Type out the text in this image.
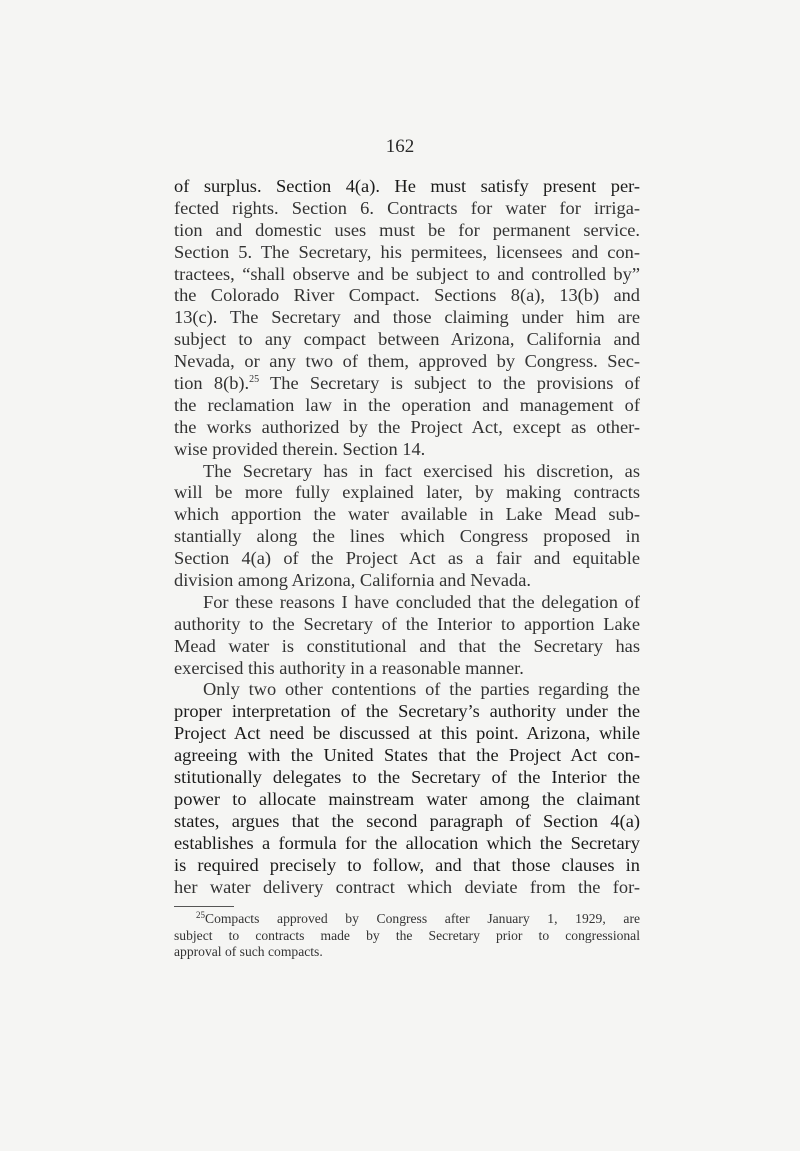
162
of surplus. Section 4(a). He must satisfy present per-
fected rights. Section 6. Contracts for water for irriga-
tion and domestic uses must be for permanent service.
Section 5. The Secretary, his permitees, licensees and con-
tractees, “shall observe and be subject to and controlled by”
the Colorado River Compact. Sections 8(a), 13(b) and
13(c). The Secretary and those claiming under him are
subject to any compact between Arizona, California and
Nevada, or any two of them, approved by Congress. Sec-
tion 8(b).$^{25}$ The Secretary is subject to the provisions of
the reclamation law in the operation and management of
the works authorized by the Project Act, except as other-
wise provided therein. Section 14.
The Secretary has in fact exercised his discretion, as
will be more fully explained later, by making contracts
which apportion the water available in Lake Mead sub-
stantially along the lines which Congress proposed in
Section 4(a) of the Project Act as a fair and equitable
division among Arizona, California and Nevada.
For these reasons I have concluded that the delegation of
authority to the Secretary of the Interior to apportion Lake
Mead water is constitutional and that the Secretary has
exercised this authority in a reasonable manner.
Only two other contentions of the parties regarding the
proper interpretation of the Secretary’s authority under the
Project Act need be discussed at this point. Arizona, while
agreeing with the United States that the Project Act con-
stitutionally delegates to the Secretary of the Interior the
power to allocate mainstream water among the claimant
states, argues that the second paragraph of Section 4(a)
establishes a formula for the allocation which the Secretary
is required precisely to follow, and that those clauses in
her water delivery contract which deviate from the for-
$^{25}$Compacts approved by Congress after January 1, 1929, are
subject to contracts made by the Secretary prior to congressional
approval of such compacts.
